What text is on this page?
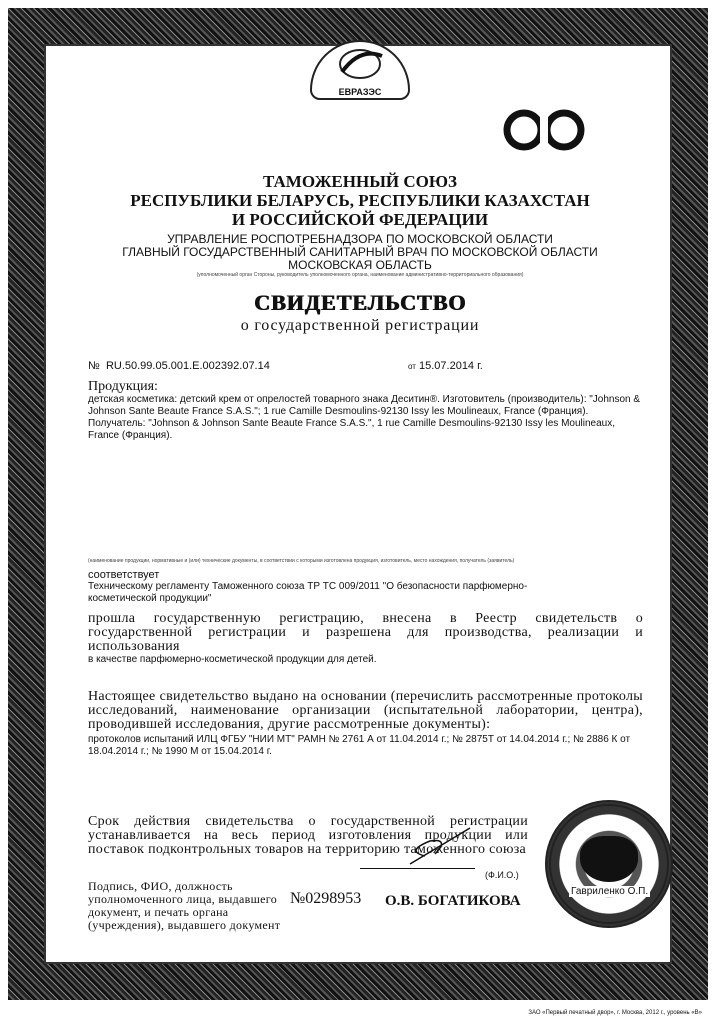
ЕВРАЗЭС
ТАМОЖЕННЫЙ СОЮЗ
РЕСПУБЛИКИ БЕЛАРУСЬ, РЕСПУБЛИКИ КАЗАХСТАН
И РОССИЙСКОЙ ФЕДЕРАЦИИ
УПРАВЛЕНИЕ РОСПОТРЕБНАДЗОРА ПО МОСКОВСКОЙ ОБЛАСТИ
ГЛАВНЫЙ ГОСУДАРСТВЕННЫЙ САНИТАРНЫЙ ВРАЧ ПО МОСКОВСКОЙ ОБЛАСТИ
МОСКОВСКАЯ ОБЛАСТЬ
(уполномоченный орган Стороны, руководитель уполномоченного органа, наименование административно-территориального образования)
СВИДЕТЕЛЬСТВО
о государственной регистрации
№ RU.50.99.05.001.E.002392.07.14	от 15.07.2014 г.
Продукция:
детская косметика: детский крем от опрелостей товарного знака Деситин®. Изготовитель (производитель): "Johnson & Johnson Sante Beaute France S.A.S."; 1 rue Camille Desmoulins-92130 Issy les Moulineaux, France (Франция). Получатель: "Johnson & Johnson Sante Beaute France S.A.S.", 1 rue Camille Desmoulins-92130 Issy les Moulineaux, France (Франция).
(наименование продукции, нормативные и (или) технические документы, в соответствии с которыми изготовлена продукция, изготовитель, место нахождения, получатель (заявитель)
соответствует
Техническому регламенту Таможенного союза ТР ТС 009/2011 "О безопасности парфюмерно-косметической продукции"
прошла государственную регистрацию, внесена в Реестр свидетельств о государственной регистрации и разрешена для производства, реализации и использования
в качестве парфюмерно-косметической продукции для детей.
Настоящее свидетельство выдано на основании (перечислить рассмотренные протоколы исследований, наименование организации (испытательной лаборатории, центра), проводившей исследования, другие рассмотренные документы):
протоколов испытаний ИЛЦ ФГБУ "НИИ МТ" РАМН № 2761 А от 11.04.2014 г.; № 2875Т от 14.04.2014 г.; № 2886 К от 18.04.2014 г.; № 1990 М от 15.04.2014 г.
Срок действия свидетельства о государственной регистрации устанавливается на весь период изготовления продукции или поставок подконтрольных товаров на территорию таможенного союза
Подпись, ФИО, должность уполномоченного лица, выдавшего документ, и печать органа (учреждения), выдавшего документ
(Ф.И.О.)
№0298953 О.В. БОГАТИКОВА
Гавриленко О.П.
ЗАО «Первый печатный двор», г. Москва, 2012 г., уровень «В»
